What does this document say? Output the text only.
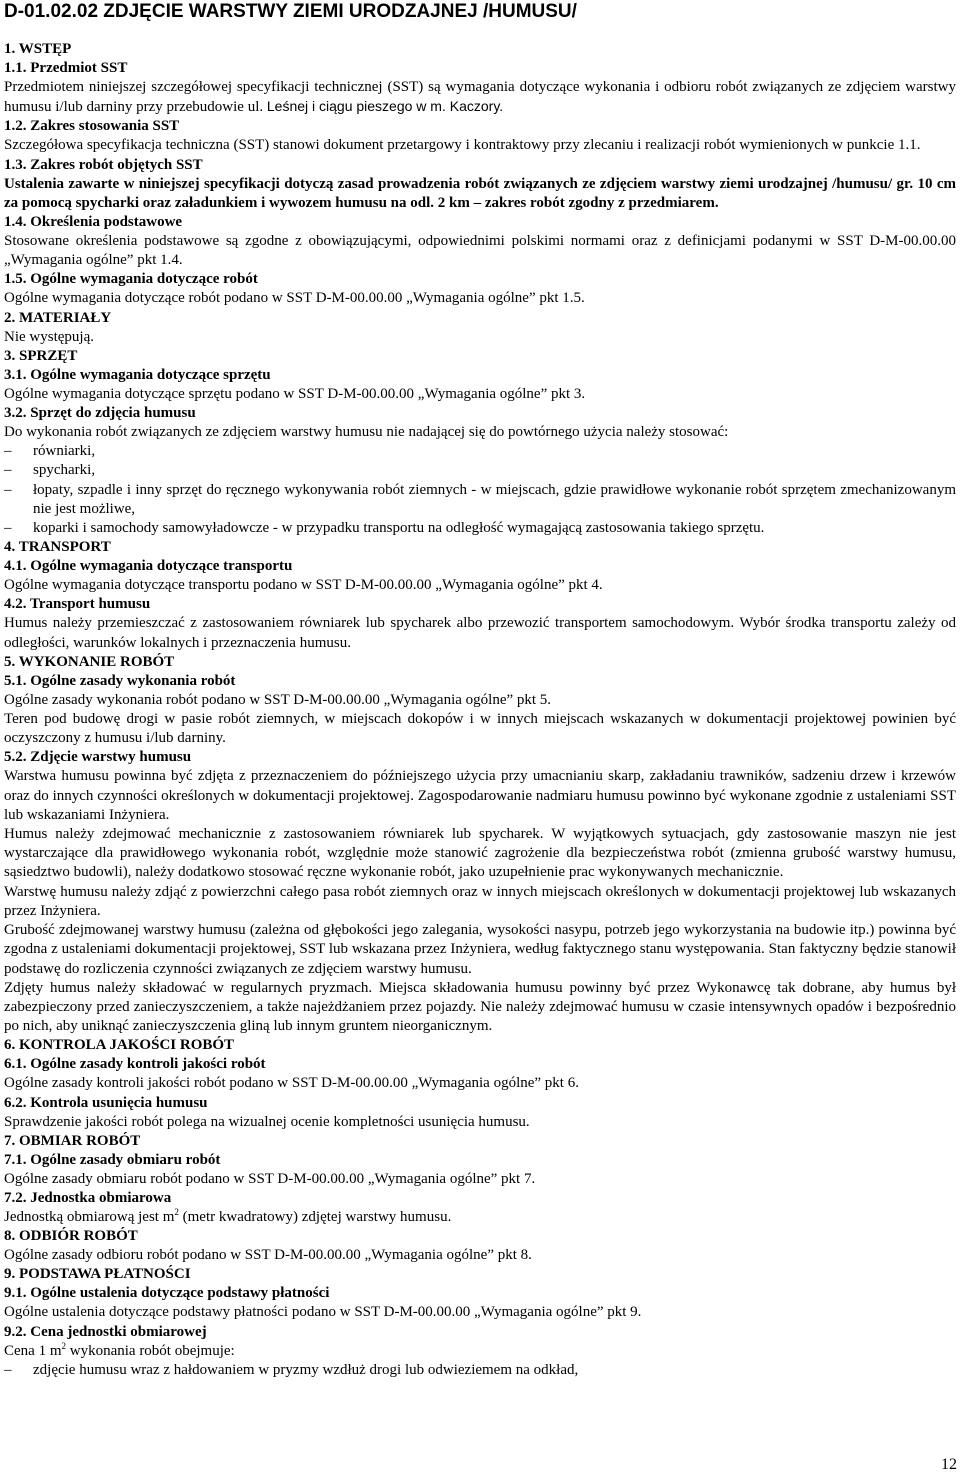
D-01.02.02 ZDJĘCIE WARSTWY ZIEMI URODZAJNEJ /HUMUSU/
1. WSTĘP
1.1. Przedmiot SST
Przedmiotem niniejszej szczegółowej specyfikacji technicznej (SST) są wymagania dotyczące wykonania i odbioru robót związanych ze zdjęciem warstwy humusu i/lub darniny przy przebudowie ul. Leśnej i ciągu pieszego w m. Kaczory.
1.2. Zakres stosowania SST
Szczegółowa specyfikacja techniczna (SST) stanowi dokument przetargowy i kontraktowy przy zlecaniu i realizacji robót wymienionych w punkcie 1.1.
1.3. Zakres robót objętych SST
Ustalenia zawarte w niniejszej specyfikacji dotyczą zasad prowadzenia robót związanych ze zdjęciem warstwy ziemi urodzajnej /humusu/ gr. 10 cm za pomocą spycharki oraz załadunkiem i wywozem humusu na odl. 2 km – zakres robót zgodny z przedmiarem.
1.4. Określenia podstawowe
Stosowane określenia podstawowe są zgodne z obowiązującymi, odpowiednimi polskimi normami oraz z definicjami podanymi w SST D-M-00.00.00 „Wymagania ogólne” pkt 1.4.
1.5. Ogólne wymagania dotyczące robót
Ogólne wymagania dotyczące robót podano w SST D-M-00.00.00 „Wymagania ogólne” pkt 1.5.
2. MATERIAŁY
Nie występują.
3. SPRZĘT
3.1. Ogólne wymagania dotyczące sprzętu
Ogólne wymagania dotyczące sprzętu podano w SST D-M-00.00.00 „Wymagania ogólne” pkt 3.
3.2. Sprzęt do zdjęcia humusu
Do wykonania robót związanych ze zdjęciem warstwy humusu nie nadającej się do powtórnego użycia należy stosować:
– równiarki,
– spycharki,
– łopaty, szpadle i inny sprzęt do ręcznego wykonywania robót ziemnych - w miejscach, gdzie prawidłowe wykonanie robót sprzętem zmechanizowanym nie jest możliwe,
– koparki i samochody samowyładowcze - w przypadku transportu na odległość wymagającą zastosowania takiego sprzętu.
4. TRANSPORT
4.1. Ogólne wymagania dotyczące transportu
Ogólne wymagania dotyczące transportu podano w SST D-M-00.00.00 „Wymagania ogólne” pkt 4.
4.2. Transport humusu
Humus należy przemieszczać z zastosowaniem równiarek lub spycharek albo przewozić transportem samochodowym. Wybór środka transportu zależy od odległości, warunków lokalnych i przeznaczenia humusu.
5. WYKONANIE ROBÓT
5.1. Ogólne zasady wykonania robót
Ogólne zasady wykonania robót podano w SST D-M-00.00.00 „Wymagania ogólne” pkt 5.
Teren pod budowę drogi w pasie robót ziemnych, w miejscach dokopów i w innych miejscach wskazanych w dokumentacji projektowej powinien być oczyszczony z humusu i/lub darniny.
5.2. Zdjęcie warstwy humusu
Warstwa humusu powinna być zdjęta z przeznaczeniem do późniejszego użycia przy umacnianiu skarp, zakładaniu trawników, sadzeniu drzew i krzewów oraz do innych czynności określonych w dokumentacji projektowej. Zagospodarowanie nadmiaru humusu powinno być wykonane zgodnie z ustaleniami SST lub wskazaniami Inżyniera.
Humus należy zdejmować mechanicznie z zastosowaniem równiarek lub spycharek. W wyjątkowych sytuacjach, gdy zastosowanie maszyn nie jest wystarczające dla prawidłowego wykonania robót, względnie może stanowić zagrożenie dla bezpieczeństwa robót (zmienna grubość warstwy humusu, sąsiedztwo budowli), należy dodatkowo stosować ręczne wykonanie robót, jako uzupełnienie prac wykonywanych mechanicznie.
Warstwę humusu należy zdjąć z powierzchni całego pasa robót ziemnych oraz w innych miejscach określonych w dokumentacji projektowej lub wskazanych przez Inżyniera.
Grubość zdejmowanej warstwy humusu (zależna od głębokości jego zalegania, wysokości nasypu, potrzeb jego wykorzystania na budowie itp.) powinna być zgodna z ustaleniami dokumentacji projektowej, SST lub wskazana przez Inżyniera, według faktycznego stanu występowania. Stan faktyczny będzie stanowił podstawę do rozliczenia czynności związanych ze zdjęciem warstwy humusu.
Zdjęty humus należy składować w regularnych pryzmach. Miejsca składowania humusu powinny być przez Wykonawcę tak dobrane, aby humus był zabezpieczony przed zanieczyszczeniem, a także najeżdżaniem przez pojazdy. Nie należy zdejmować humusu w czasie intensywnych opadów i bezpośrednio po nich, aby uniknąć zanieczyszczenia gliną lub innym gruntem nieorganicznym.
6. KONTROLA JAKOŚCI ROBÓT
6.1. Ogólne zasady kontroli jakości robót
Ogólne zasady kontroli jakości robót podano w SST D-M-00.00.00 „Wymagania ogólne” pkt 6.
6.2. Kontrola usunięcia humusu
Sprawdzenie jakości robót polega na wizualnej ocenie kompletności usunięcia humusu.
7. OBMIAR ROBÓT
7.1. Ogólne zasady obmiaru robót
Ogólne zasady obmiaru robót podano w SST D-M-00.00.00 „Wymagania ogólne” pkt 7.
7.2. Jednostka obmiarowa
Jednostką obmiarową jest $m^2$ (metr kwadratowy) zdjętej warstwy humusu.
8. ODBIÓR ROBÓT
Ogólne zasady odbioru robót podano w SST D-M-00.00.00 „Wymagania ogólne” pkt 8.
9. PODSTAWA PŁATNOŚCI
9.1. Ogólne ustalenia dotyczące podstawy płatności
Ogólne ustalenia dotyczące podstawy płatności podano w SST D-M-00.00.00 „Wymagania ogólne” pkt 9.
9.2. Cena jednostki obmiarowej
Cena 1 $m^2$ wykonania robót obejmuje:
– zdjęcie humusu wraz z hałdowaniem w pryzmy wzdłuż drogi lub odwieziemem na odkład,
12
